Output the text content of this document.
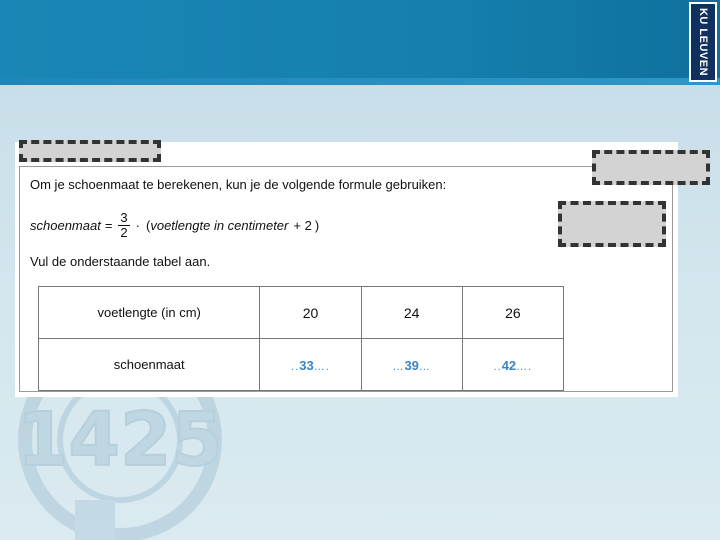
KU LEUVEN
1425
Om je schoenmaat te berekenen, kun je de volgende formule gebruiken:
schoenmaat = $\frac{3}{2}$ · ( voetlengte in centimeter + 2 )
Vul de onderstaande tabel aan.
voetlengte (in cm)	20	24	26
schoenmaat	..33….	…39…	..42….
